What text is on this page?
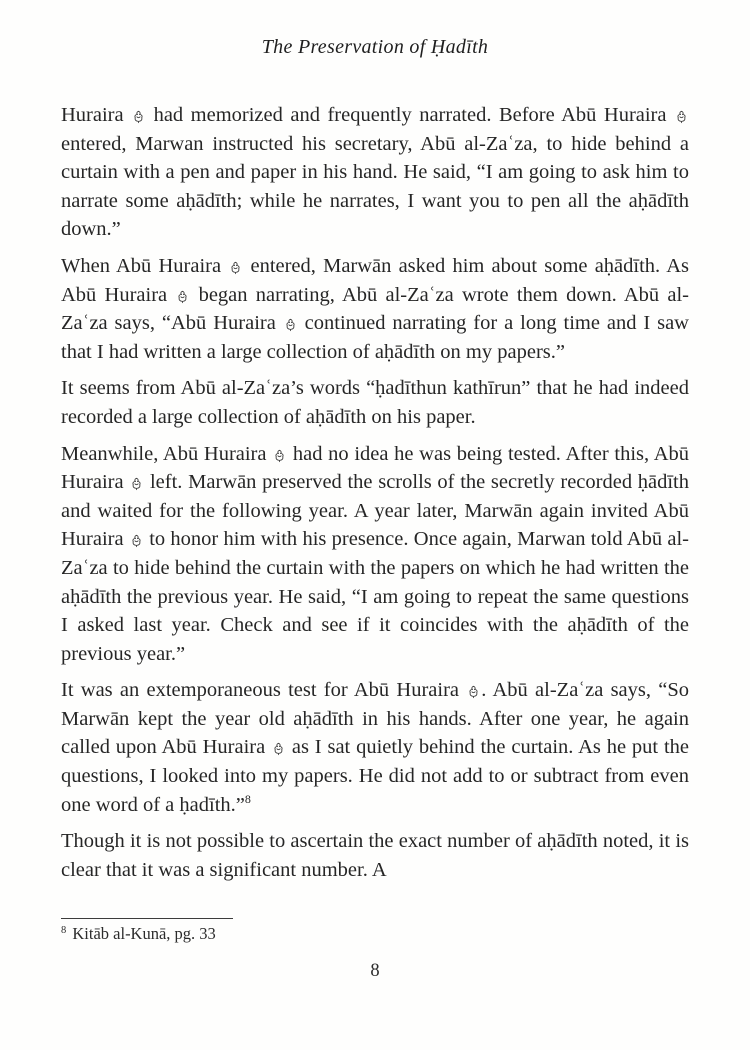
The Preservation of Ḥadīth

Huraira  had memorized and frequently narrated. Before Abū Huraira  entered, Marwan instructed his secretary, Abū al-Zaʿza, to hide behind a curtain with a pen and paper in his hand. He said, “I am going to ask him to narrate some aḥādīth; while he narrates, I want you to pen all the aḥādīth down.”

When Abū Huraira  entered, Marwān asked him about some aḥādīth. As Abū Huraira  began narrating, Abū al-Zaʿza wrote them down. Abū al-Zaʿza says, “Abū Huraira  continued narrating for a long time and I saw that I had written a large collection of aḥādīth on my papers.”

It seems from Abū al-Zaʿza’s words “ḥadīthun kathīrun” that he had indeed recorded a large collection of aḥādīth on his paper.

Meanwhile, Abū Huraira  had no idea he was being tested. After this, Abū Huraira  left. Marwān preserved the scrolls of the secretly recorded ḥādīth and waited for the following year. A year later, Marwān again invited Abū Huraira  to honor him with his presence. Once again, Marwan told Abū al-Zaʿza to hide behind the curtain with the papers on which he had written the aḥādīth the previous year. He said, “I am going to repeat the same questions I asked last year. Check and see if it coincides with the aḥādīth of the previous year.”

It was an extemporaneous test for Abū Huraira . Abū al-Zaʿza says, “So Marwān kept the year old aḥādīth in his hands. After one year, he again called upon Abū Huraira  as I sat quietly behind the curtain. As he put the questions, I looked into my papers. He did not add to or subtract from even one word of a ḥadīth.”$^8$

Though it is not possible to ascertain the exact number of aḥādīth noted, it is clear that it was a significant number. A

$^8$ Kitāb al-Kunā, pg. 33
8
